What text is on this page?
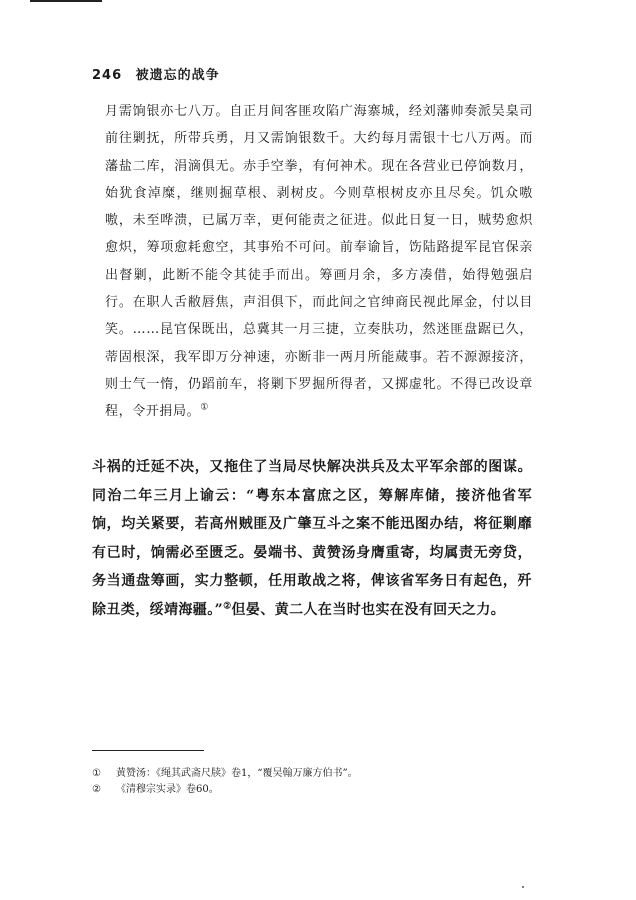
246 被遗忘的战争

月需饷银亦七八万。自正月间客匪攻陷广海寨城，经刘藩帅奏派吴臬司前往剿抚，所带兵勇，月又需饷银数千。大约每月需银十七八万两。而藩盐二库，涓滴俱无。赤手空拳，有何神术。现在各营业已停饷数月，始犹食淖糜，继则掘草根、剥树皮。今则草根树皮亦且尽矣。饥众嗷嗷，未至哗溃，已属万幸，更何能责之征进。似此日复一日，贼势愈炽愈炽，筹项愈耗愈空，其事殆不可问。前奉谕旨，饬陆路提军昆官保亲出督剿，此断不能令其徒手而出。筹画月余，多方凑借，始得勉强启行。在职人舌敝唇焦，声泪俱下，而此间之官绅商民视此犀金，付以目笑。……昆官保既出，总冀其一月三捷，立奏肤功，然迷匪盘踞已久，蒂固根深，我军即万分神速，亦断非一两月所能蒇事。若不源源接济，则士气一惰，仍蹈前车，将剿下罗掘所得者，又掷虚牝。不得已改设章程，令开捐局。①

斗祸的迁延不决，又拖住了当局尽快解决洪兵及太平军余部的图谋。同治二年三月上谕云：“粤东本富庶之区，筹解库储，接济他省军饷，均关紧要，若高州贼匪及广肇互斗之案不能迅图办结，将征剿靡有已时，饷需必至匮乏。晏端书、黄赞汤身膺重寄，均属责无旁贷，务当通盘筹画，实力整顿，任用敢战之将，俾该省军务日有起色，歼除丑类，绥靖海疆。”②但晏、黄二人在当时也实在没有回天之力。

① 黄赞汤：《绳其武斋尺牍》卷1，“覆吴翰万廉方伯书”。
② 《清穆宗实录》卷60。
